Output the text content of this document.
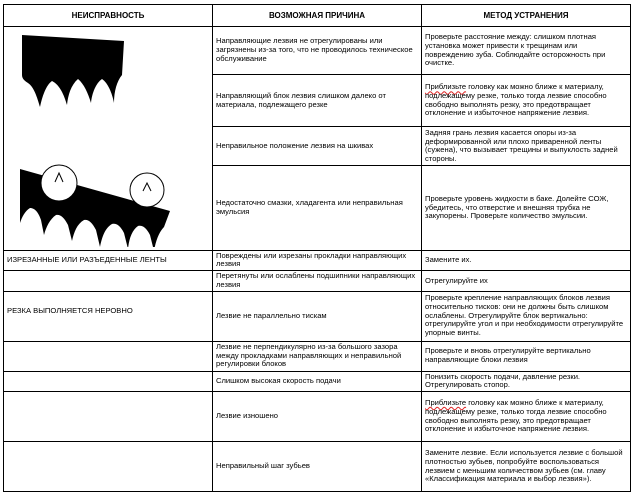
НЕИСПРАВНОСТЬ	ВОЗМОЖНАЯ ПРИЧИНА	МЕТОД УСТРАНЕНИЯ
	Направляющие лезвия не отрегулированы или загрязнены из-за того, что не проводилось техническое обслуживание	Проверьте расстояние между: слишком плотная установка может привести к трещинам или повреждению зуба. Соблюдайте осторожность при очистке.
	Направляющий блок лезвия слишком далеко от материала, подлежащего резке	Приблизьте головку как можно ближе к материалу, подлежащему резке, только тогда лезвие способно свободно выполнять резку, это предотвращает отклонение и избыточное напряжение лезвия.
	Неправильное положение лезвия на шкивах	Задняя грань лезвия касается опоры из-за деформированной или плохо приваренной ленты (сужена), что вызывает трещины и выпуклость задней стороны.
	Недостаточно смазки, хладагента или неправильная эмульсия	Проверьте уровень жидкости в баке. Долейте СОЖ, убедитесь, что отверстие и внешняя трубка не закупорены. Проверьте количество эмульсии.
ИЗРЕЗАННЫЕ ИЛИ РАЗЪЕДЕННЫЕ ЛЕНТЫ	Повреждены или изрезаны прокладки направляющих лезвия	Замените их.
	Перетянуты или ослаблены подшипники направляющих лезвия	Отрегулируйте их
РЕЗКА ВЫПОЛНЯЕТСЯ НЕРОВНО	Лезвие не параллельно тискам	Проверьте крепление направляющих блоков лезвия относительно тисков: они не должны быть слишком ослаблены. Отрегулируйте блок вертикально: отрегулируйте угол и при необходимости отрегулируйте упорные винты.
	Лезвие не перпендикулярно из-за большого зазора между прокладками направляющих и неправильной регулировки блоков	Проверьте и вновь отрегулируйте вертикально направляющие блоки лезвия
	Слишком высокая скорость подачи	Понизить скорость подачи, давление резки. Отрегулировать стопор.
	Лезвие изношено	Приблизьте головку как можно ближе к материалу, подлежащему резке, только тогда лезвие способно свободно выполнять резку, это предотвращает отклонение и избыточное напряжение лезвия.
	Неправильный шаг зубьев	Замените лезвие. Если используется лезвие с большой плотностью зубьев, попробуйте воспользоваться лезвием с меньшим количеством зубьев (см. главу «Классификация материала и выбор лезвия»).
